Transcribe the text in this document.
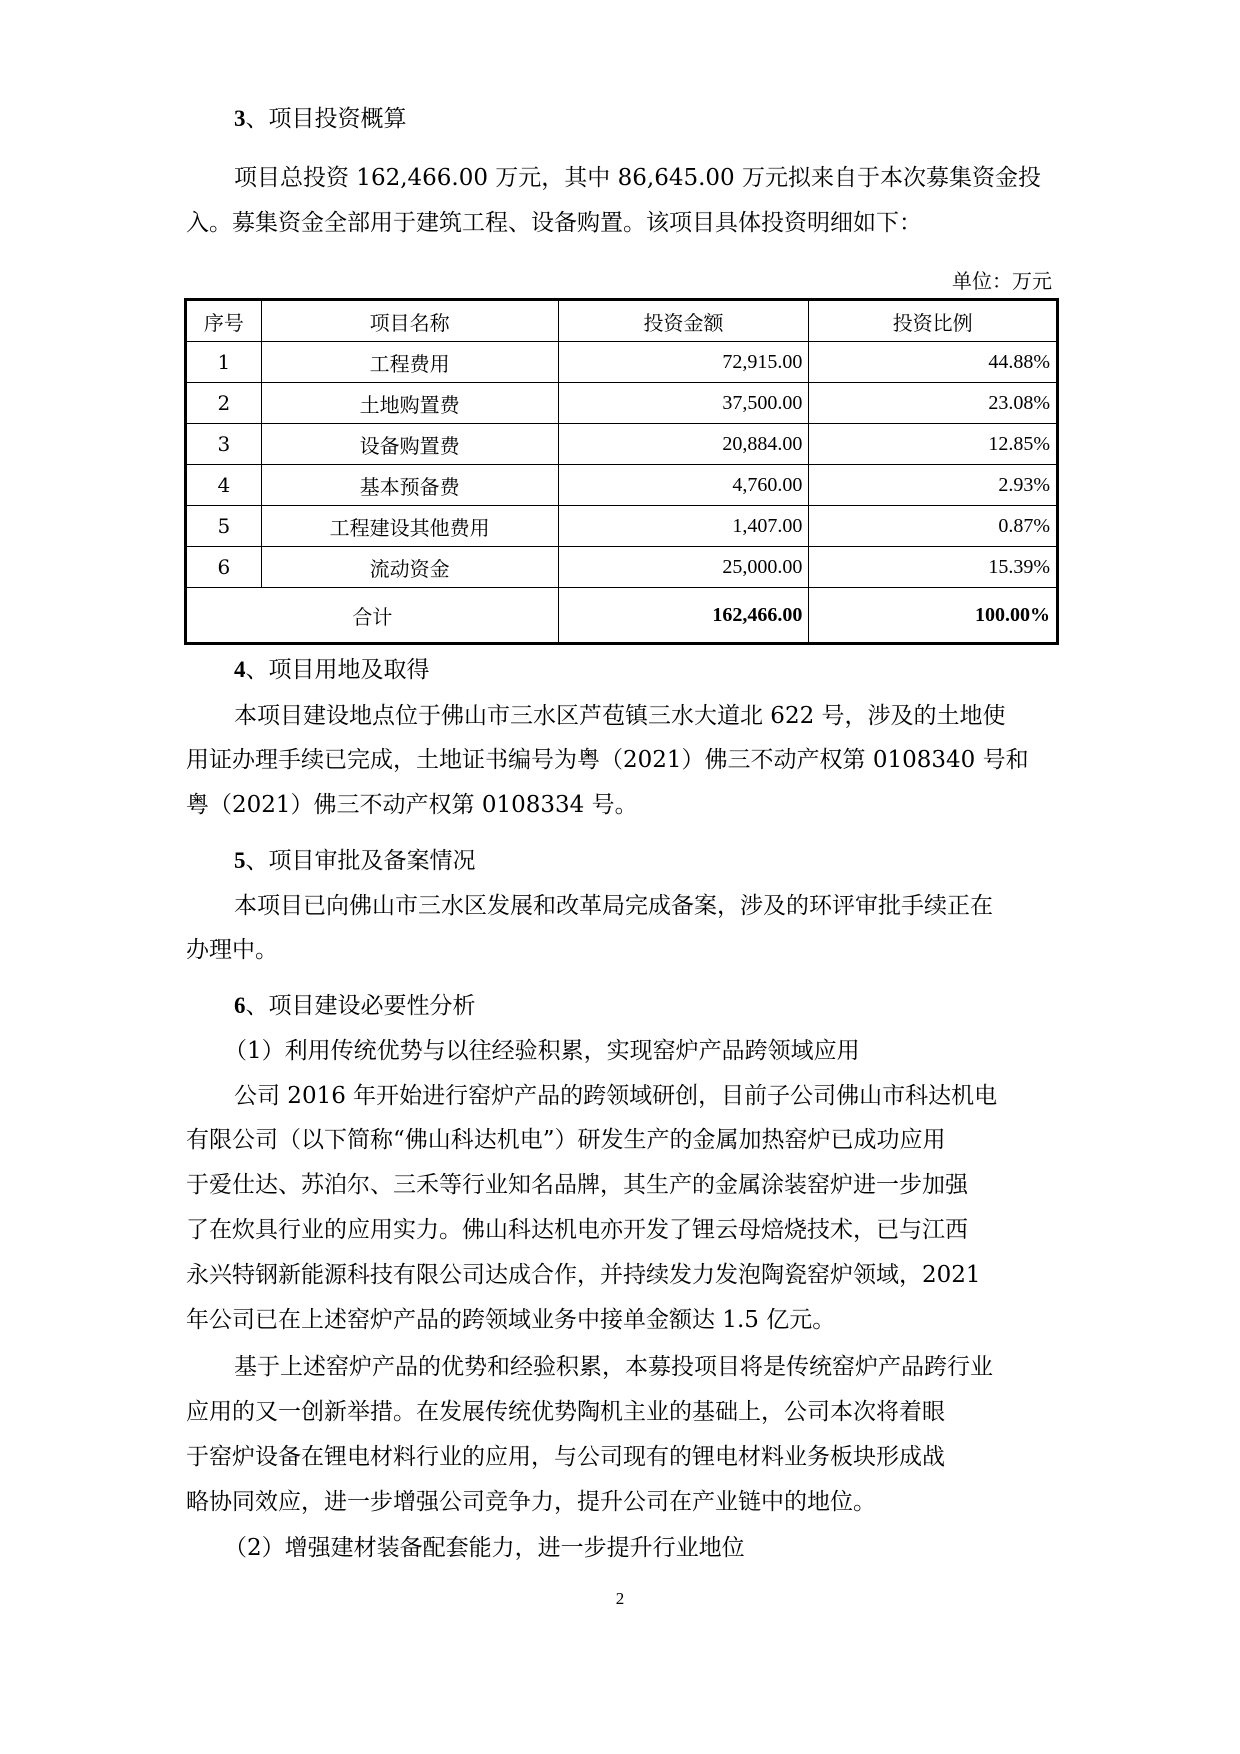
3、项目投资概算
项目总投资 162,466.00 万元，其中 86,645.00 万元拟来自于本次募集资金投
入。募集资金全部用于建筑工程、设备购置。该项目具体投资明细如下：
单位：万元
序号	项目名称	投资金额	投资比例
1	工程费用	72,915.00	44.88%
2	土地购置费	37,500.00	23.08%
3	设备购置费	20,884.00	12.85%
4	基本预备费	4,760.00	2.93%
5	工程建设其他费用	1,407.00	0.87%
6	流动资金	25,000.00	15.39%
合计		162,466.00	100.00%
4、项目用地及取得
本项目建设地点位于佛山市三水区芦苞镇三水大道北 622 号，涉及的土地使
用证办理手续已完成，土地证书编号为粤（2021）佛三不动产权第 0108340 号和
粤（2021）佛三不动产权第 0108334 号。
5、项目审批及备案情况
本项目已向佛山市三水区发展和改革局完成备案，涉及的环评审批手续正在
办理中。
6、项目建设必要性分析
（1）利用传统优势与以往经验积累，实现窑炉产品跨领域应用
公司 2016 年开始进行窑炉产品的跨领域研创，目前子公司佛山市科达机电
有限公司（以下简称“佛山科达机电”）研发生产的金属加热窑炉已成功应用
于爱仕达、苏泊尔、三禾等行业知名品牌，其生产的金属涂装窑炉进一步加强
了在炊具行业的应用实力。佛山科达机电亦开发了锂云母焙烧技术，已与江西
永兴特钢新能源科技有限公司达成合作，并持续发力发泡陶瓷窑炉领域，2021
年公司已在上述窑炉产品的跨领域业务中接单金额达 1.5 亿元。
基于上述窑炉产品的优势和经验积累，本募投项目将是传统窑炉产品跨行业
应用的又一创新举措。在发展传统优势陶机主业的基础上，公司本次将着眼
于窑炉设备在锂电材料行业的应用，与公司现有的锂电材料业务板块形成战
略协同效应，进一步增强公司竞争力，提升公司在产业链中的地位。
（2）增强建材装备配套能力，进一步提升行业地位
2
